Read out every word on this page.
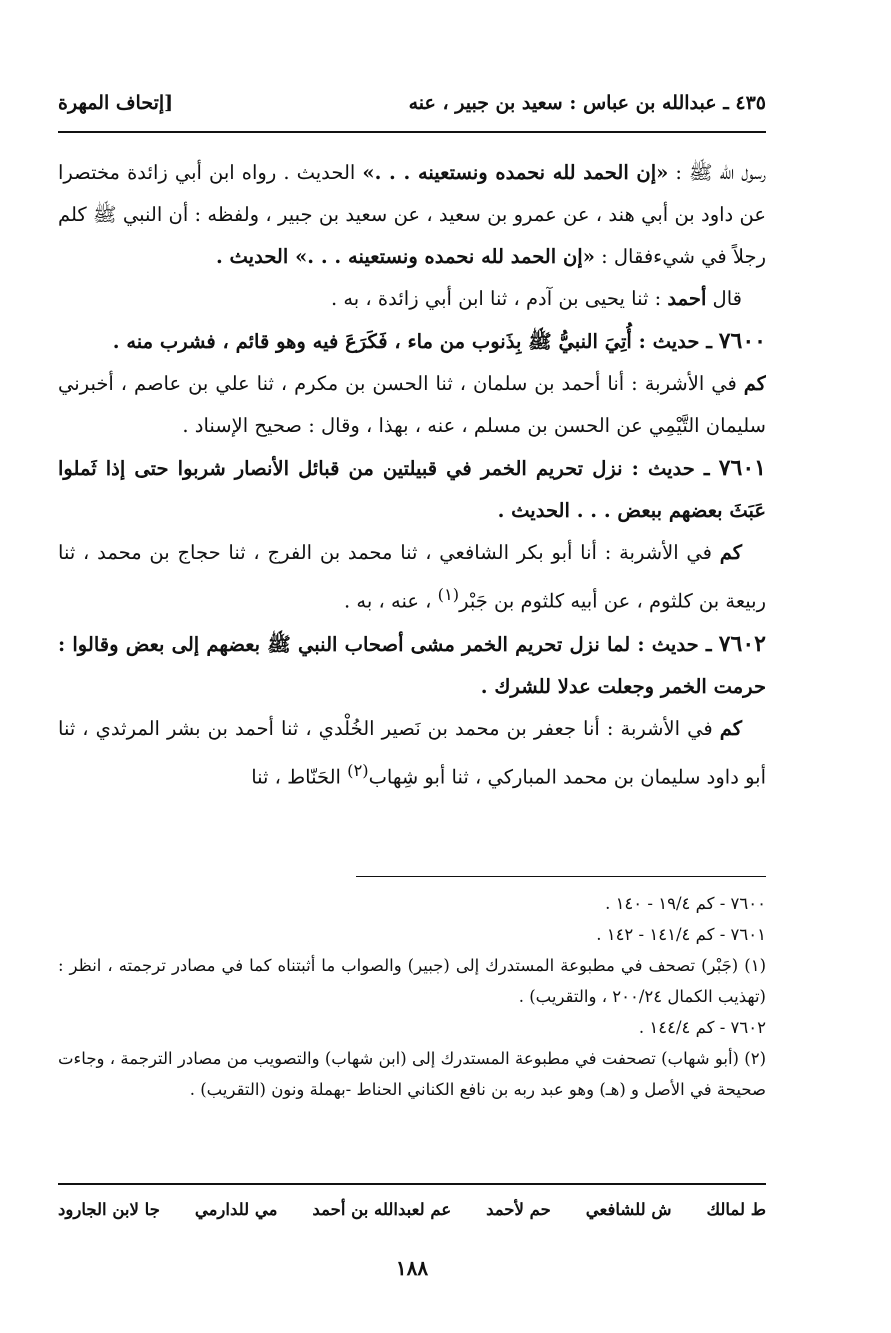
٤٣٥ ـ عبدالله بن عباس : سعيد بن جبير ، عنه
[إتحاف المهرة

رسول الله ﷺ : «إن الحمد لله نحمده ونستعينه . . .» الحديث . رواه ابن أبي زائدة مختصرا عن داود بن أبي هند ، عن عمرو بن سعيد ، عن سعيد بن جبير ، ولفظه : أن النبي ﷺ كلم رجلاً في شيءفقال : «إن الحمد لله نحمده ونستعينه . . .» الحديث .

قال أحمد : ثنا يحيى بن آدم ، ثنا ابن أبي زائدة ، به .

٧٦٠٠ ـ حديث : أُتِيَ النبيُّ ﷺ بِذَنوب من ماء ، فَكَرَعَ فيه وهو قائم ، فشرب منه .

كم في الأشربة : أنا أحمد بن سلمان ، ثنا الحسن بن مكرم ، ثنا علي بن عاصم ، أخبرني سليمان التَّيْمِي عن الحسن بن مسلم ، عنه ، بهذا ، وقال : صحيح الإسناد .

٧٦٠١ ـ حديث : نزل تحريم الخمر في قبيلتين من قبائل الأنصار شربوا حتى إذا ثَملوا عَبَثَ بعضهم ببعض . . . الحديث .

كم في الأشربة : أنا أبو بكر الشافعي ، ثنا محمد بن الفرج ، ثنا حجاج بن محمد ، ثنا ربيعة بن كلثوم ، عن أبيه كلثوم بن جَبْر$^{(١)}$ ، عنه ، به .

٧٦٠٢ ـ حديث : لما نزل تحريم الخمر مشى أصحاب النبي ﷺ بعضهم إلى بعض وقالوا : حرمت الخمر وجعلت عدلا للشرك .

كم في الأشربة : أنا جعفر بن محمد بن نَصير الخُلْدي ، ثنا أحمد بن بشر المرثدي ، ثنا أبو داود سليمان بن محمد المباركي ، ثنا أبو شِهاب$^{(٢)}$ الحَنّاط ، ثنا

٧٦٠٠ - كم ١٩/٤ - ١٤٠ .

٧٦٠١ - كم ١٤١/٤ - ١٤٢ .

(١) (جَبْر) تصحف في مطبوعة المستدرك إلى (جبير) والصواب ما أثبتناه كما في مصادر ترجمته ، انظر : (تهذيب الكمال ٢٠٠/٢٤ ، والتقريب) .

٧٦٠٢ - كم ١٤٤/٤ .

(٢) (أبو شهاب) تصحفت في مطبوعة المستدرك إلى (ابن شهاب) والتصويب من مصادر الترجمة ، وجاءت صحيحة في الأصل و (هـ) وهو عبد ربه بن نافع الكناني الحناط -بهملة ونون (التقريب) .

ط لمالك
ش للشافعي
حم لأحمد
عم لعبدالله بن أحمد
مي للدارمي
جا لابن الجارود
١٨٨
